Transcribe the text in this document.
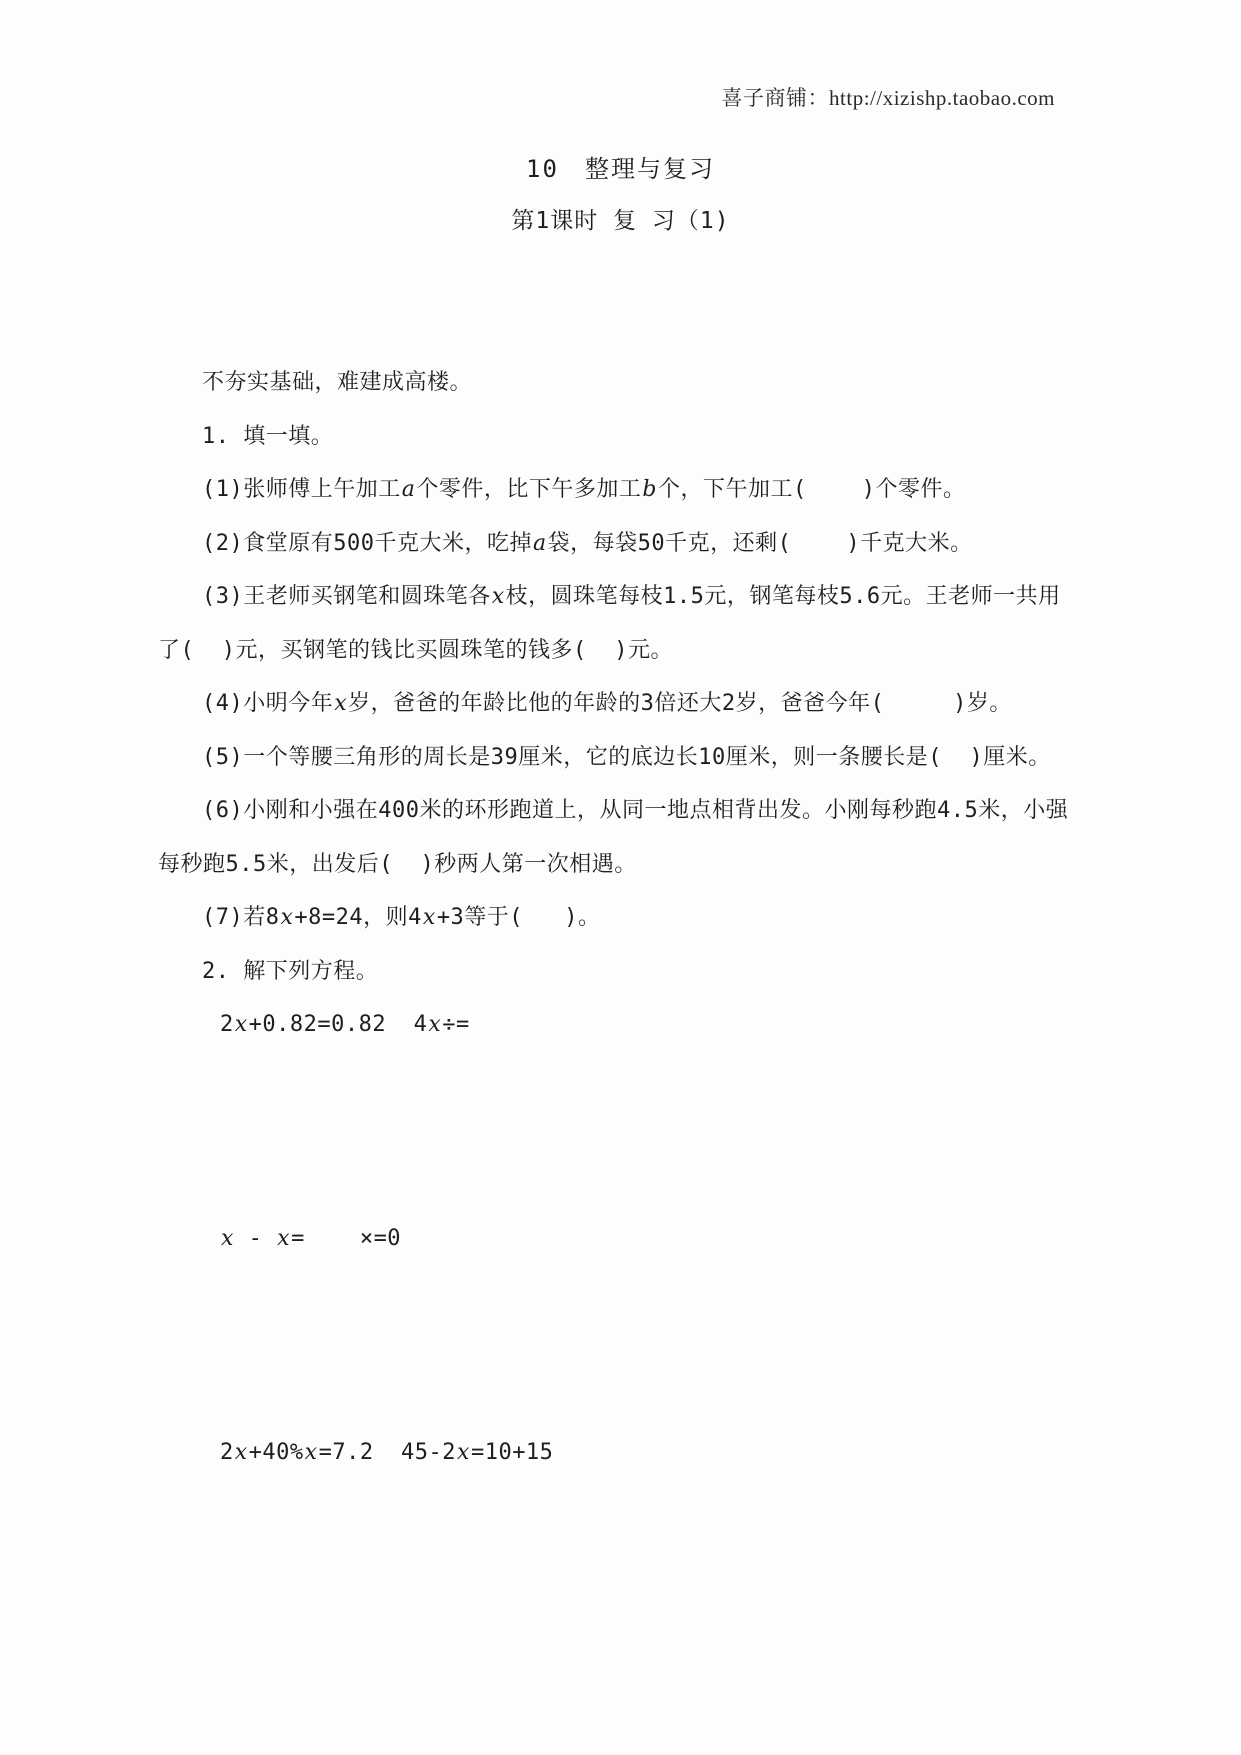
喜子商铺：http://xizishp.taobao.com
10　整理与复习
第1课时 复 习（1)
不夯实基础，难建成高楼。
1. 填一填。
(1)张师傅上午加工a个零件，比下午多加工b个，下午加工(    )个零件。
(2)食堂原有500千克大米，吃掉a袋，每袋50千克，还剩(    )千克大米。
(3)王老师买钢笔和圆珠笔各x枝，圆珠笔每枝1.5元，钢笔每枝5.6元。王老师一共用
了(  )元，买钢笔的钱比买圆珠笔的钱多(  )元。
(4)小明今年x岁，爸爸的年龄比他的年龄的3倍还大2岁，爸爸今年(     )岁。
(5)一个等腰三角形的周长是39厘米，它的底边长10厘米，则一条腰长是(  )厘米。
(6)小刚和小强在400米的环形跑道上，从同一地点相背出发。小刚每秒跑4.5米，小强
每秒跑5.5米，出发后(  )秒两人第一次相遇。
(7)若8x+8=24，则4x+3等于(   )。
2. 解下列方程。
2x+0.82=0.82  4x÷=
x - x=    ×=0
2x+40%x=7.2  45-2x=10+15
